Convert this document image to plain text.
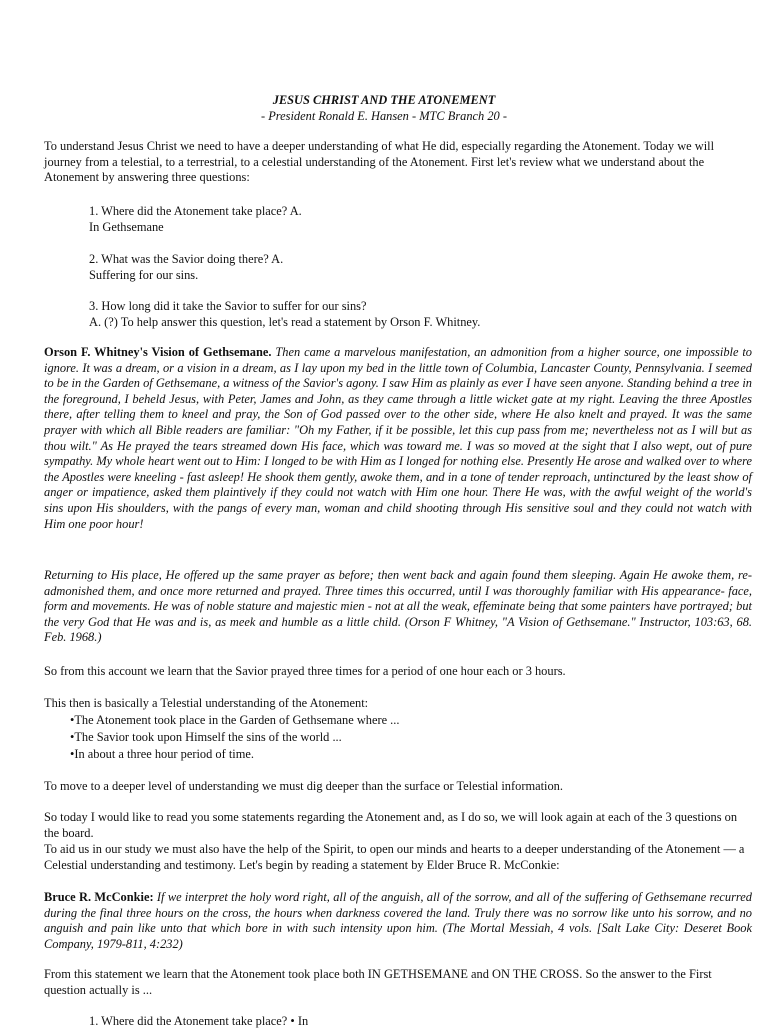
JESUS CHRIST AND THE ATONEMENT
- President Ronald E. Hansen - MTC Branch 20 -

To understand Jesus Christ we need to have a deeper understanding of what He did, especially regarding the Atonement. Today we will journey from a telestial, to a terrestrial, to a celestial understanding of the Atonement. First let's review what we understand about the Atonement by answering three questions:

1. Where did the Atonement take place? A.
In Gethsemane
2. What was the Savior doing there? A.
Suffering for our sins.
3. How long did it take the Savior to suffer for our sins?
A. (?) To help answer this question, let's read a statement by Orson F. Whitney.

Orson F. Whitney's Vision of Gethsemane. Then came a marvelous manifestation, an admonition from a higher source, one impossible to ignore. It was a dream, or a vision in a dream, as I lay upon my bed in the little town of Columbia, Lancaster County, Pennsylvania. I seemed to be in the Garden of Gethsemane, a witness of the Savior's agony. I saw Him as plainly as ever I have seen anyone. Standing behind a tree in the foreground, I beheld Jesus, with Peter, James and John, as they came through a little wicket gate at my right. Leaving the three Apostles there, after telling them to kneel and pray, the Son of God passed over to the other side, where He also knelt and prayed. It was the same prayer with which all Bible readers are familiar: "Oh my Father, if it be possible, let this cup pass from me; nevertheless not as I will but as thou wilt." As He prayed the tears streamed down His face, which was toward me. I was so moved at the sight that I also wept, out of pure sympathy. My whole heart went out to Him: I longed to be with Him as I longed for nothing else. Presently He arose and walked over to where the Apostles were kneeling - fast asleep! He shook them gently, awoke them, and in a tone of tender reproach, untinctured by the least show of anger or impatience, asked them plaintively if they could not watch with Him one hour. There He was, with the awful weight of the world's sins upon His shoulders, with the pangs of every man, woman and child shooting through His sensitive soul and they could not watch with Him one poor hour!

Returning to His place, He offered up the same prayer as before; then went back and again found them sleeping. Again He awoke them, re-admonished them, and once more returned and prayed. Three times this occurred, until I was thoroughly familiar with His appearance- face, form and movements. He was of noble stature and majestic mien - not at all the weak, effeminate being that some painters have portrayed; but the very God that He was and is, as meek and humble as a little child. (Orson F Whitney, "A Vision of Gethsemane." Instructor, 103:63, 68. Feb. 1968.)

So from this account we learn that the Savior prayed three times for a period of one hour each or 3 hours.

This then is basically a Telestial understanding of the Atonement:

•The Atonement took place in the Garden of Gethsemane where ...
•The Savior took upon Himself the sins of the world ...
•In about a three hour period of time.

To move to a deeper level of understanding we must dig deeper than the surface or Telestial information.

So today I would like to read you some statements regarding the Atonement and, as I do so, we will look again at each of the 3 questions on the board.

To aid us in our study we must also have the help of the Spirit, to open our minds and hearts to a deeper understanding of the Atonement — a Celestial understanding and testimony. Let's begin by reading a statement by Elder Bruce R. McConkie:

Bruce R. McConkie: If we interpret the holy word right, all of the anguish, all of the sorrow, and all of the suffering of Gethsemane recurred during the final three hours on the cross, the hours when darkness covered the land. Truly there was no sorrow like unto his sorrow, and no anguish and pain like unto that which bore in with such intensity upon him. (The Mortal Messiah, 4 vols. [Salt Lake City: Deseret Book Company, 1979-811, 4:232)

From this statement we learn that the Atonement took place both IN GETHSEMANE and ON THE CROSS. So the answer to the First question actually is ...

1. Where did the Atonement take place? • In
